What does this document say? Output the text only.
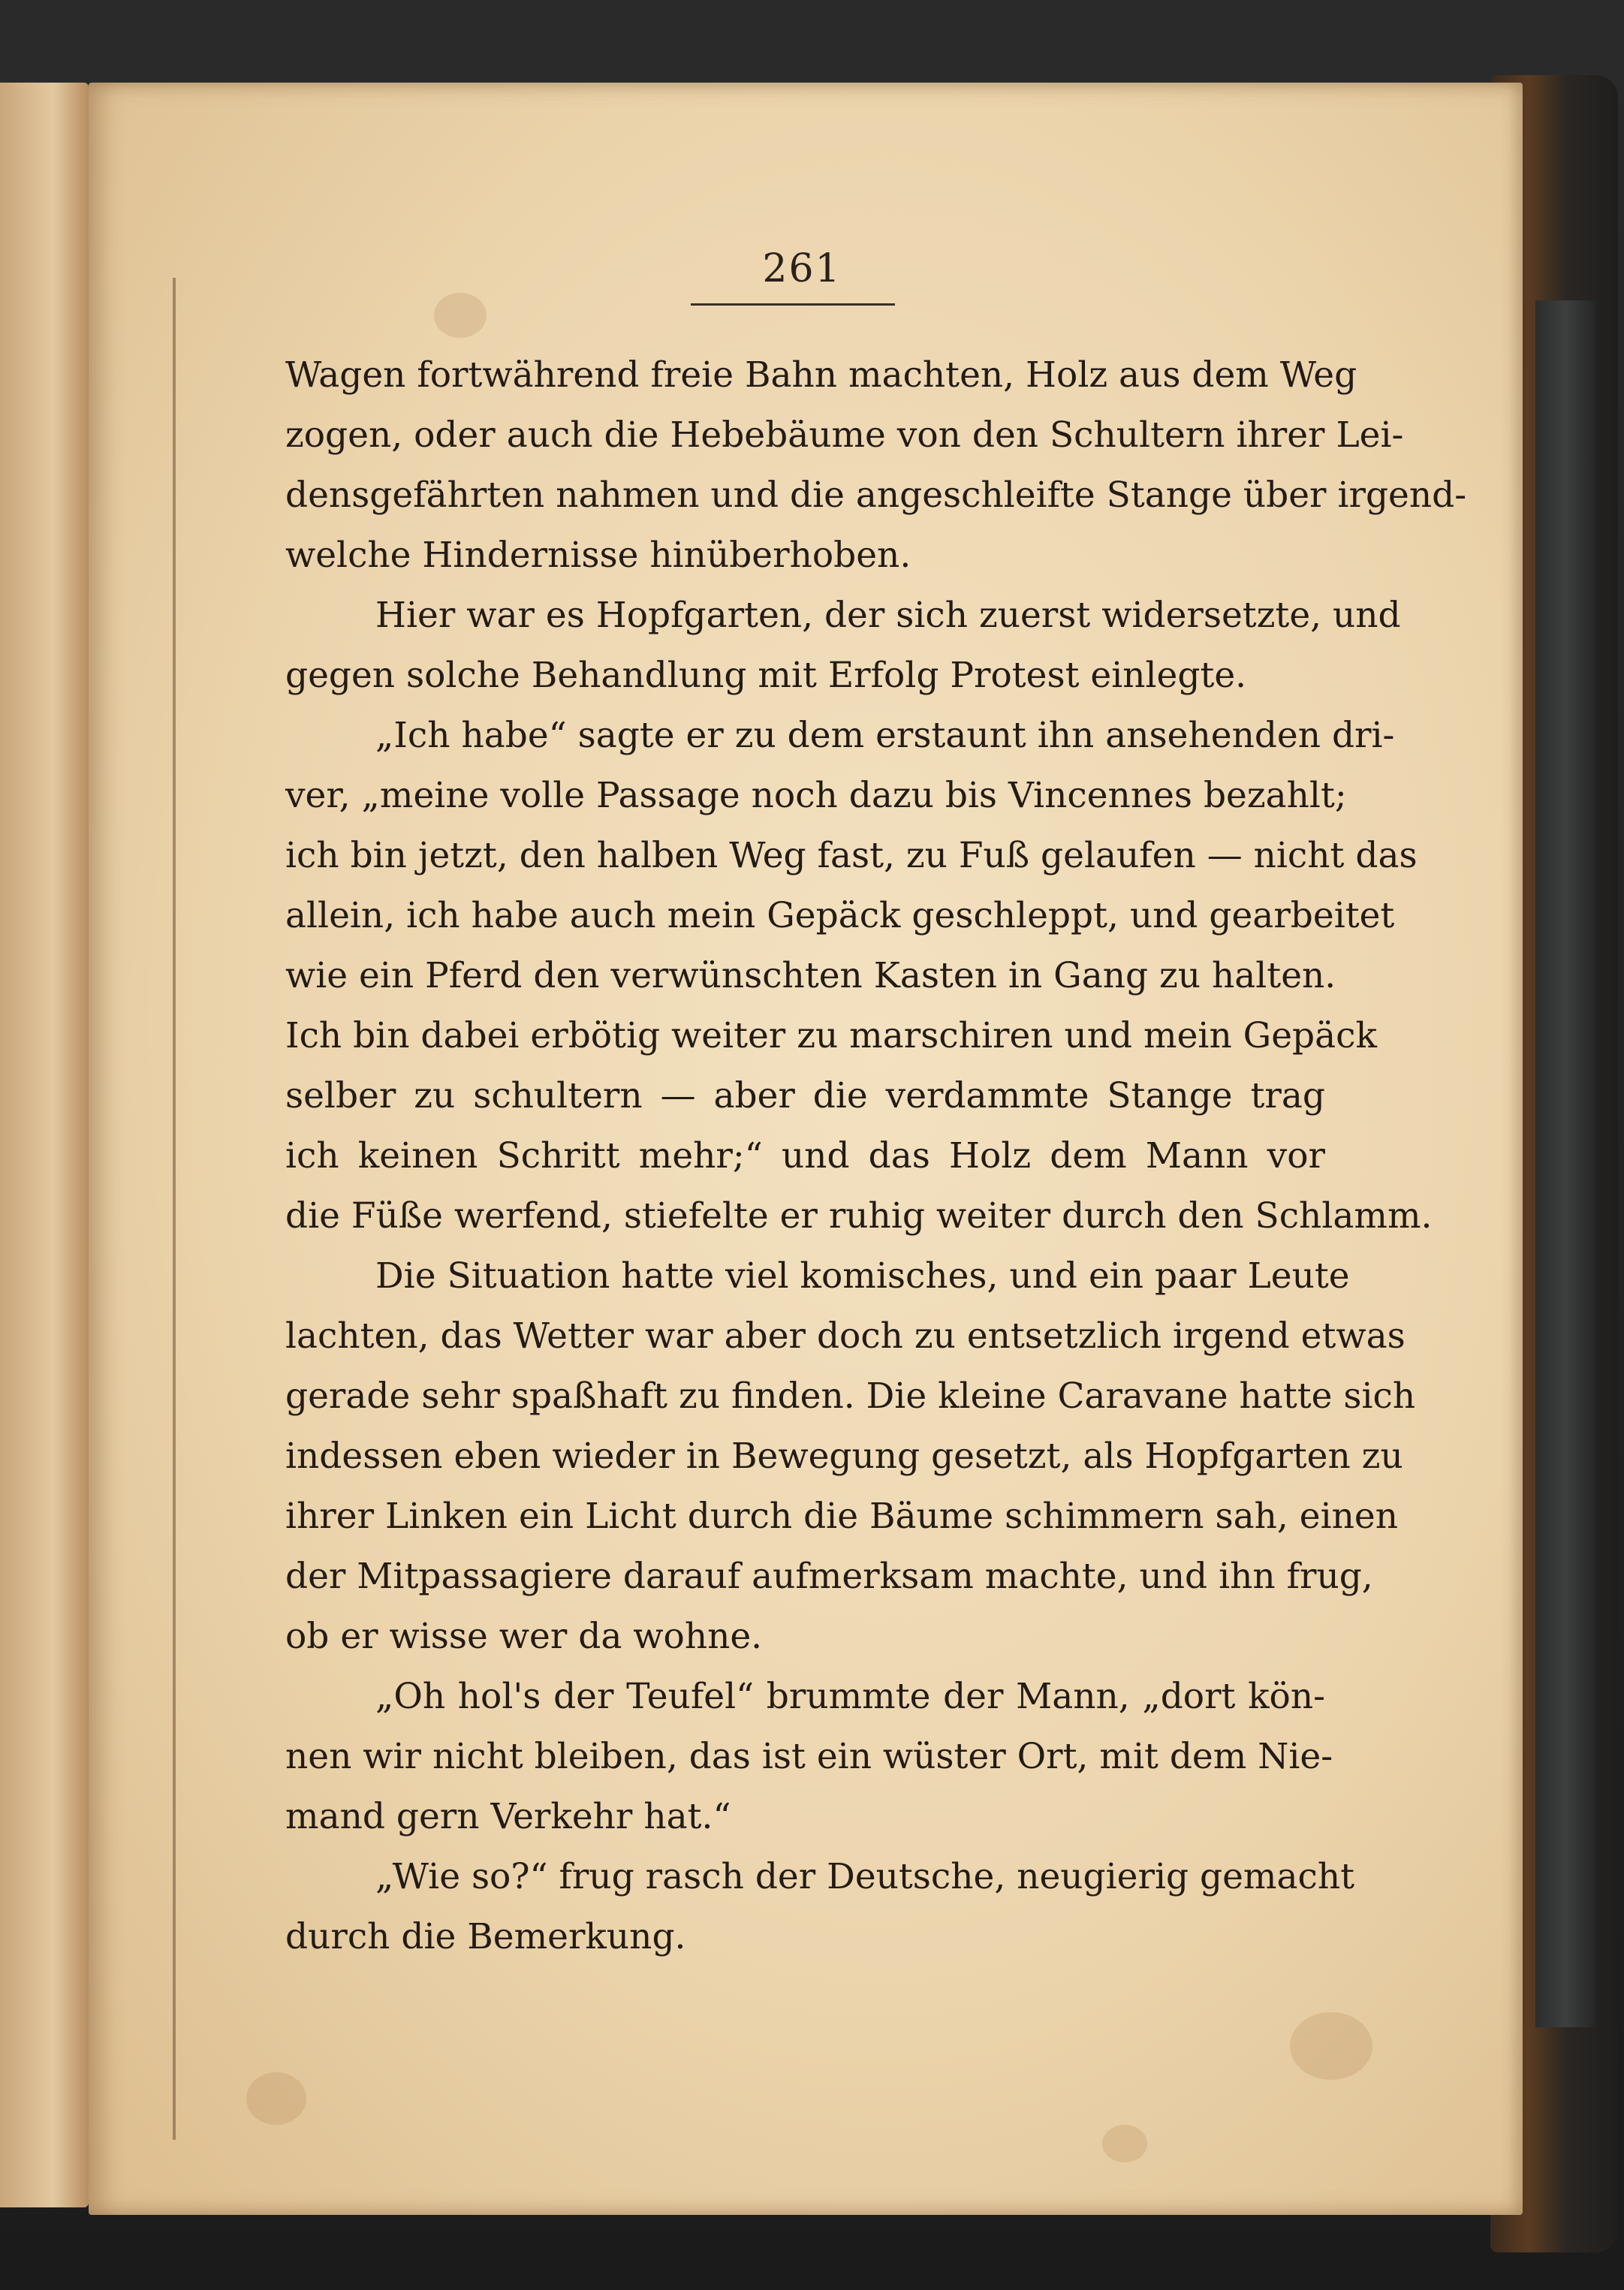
261
Wagen fortwährend freie Bahn machten, Holz aus dem Weg
zogen, oder auch die Hebebäume von den Schultern ihrer Lei-
densgefährten nahmen und die angeschleifte Stange über irgend-
welche Hindernisse hinüberhoben.
Hier war es Hopfgarten, der sich zuerst widersetzte, und
gegen solche Behandlung mit Erfolg Protest einlegte.
„Ich habe“ sagte er zu dem erstaunt ihn ansehenden dri-
ver, „meine volle Passage noch dazu bis Vincennes bezahlt;
ich bin jetzt, den halben Weg fast, zu Fuß gelaufen — nicht das
allein, ich habe auch mein Gepäck geschleppt, und gearbeitet
wie ein Pferd den verwünschten Kasten in Gang zu halten.
Ich bin dabei erbötig weiter zu marschiren und mein Gepäck
selber zu schultern — aber die verdammte Stange trag
ich keinen Schritt mehr;“ und das Holz dem Mann vor
die Füße werfend, stiefelte er ruhig weiter durch den Schlamm.
Die Situation hatte viel komisches, und ein paar Leute
lachten, das Wetter war aber doch zu entsetzlich irgend etwas
gerade sehr spaßhaft zu finden. Die kleine Caravane hatte sich
indessen eben wieder in Bewegung gesetzt, als Hopfgarten zu
ihrer Linken ein Licht durch die Bäume schimmern sah, einen
der Mitpassagiere darauf aufmerksam machte, und ihn frug,
ob er wisse wer da wohne.
„Oh hol's der Teufel“ brummte der Mann, „dort kön-
nen wir nicht bleiben, das ist ein wüster Ort, mit dem Nie-
mand gern Verkehr hat.“
„Wie so?“ frug rasch der Deutsche, neugierig gemacht
durch die Bemerkung.
